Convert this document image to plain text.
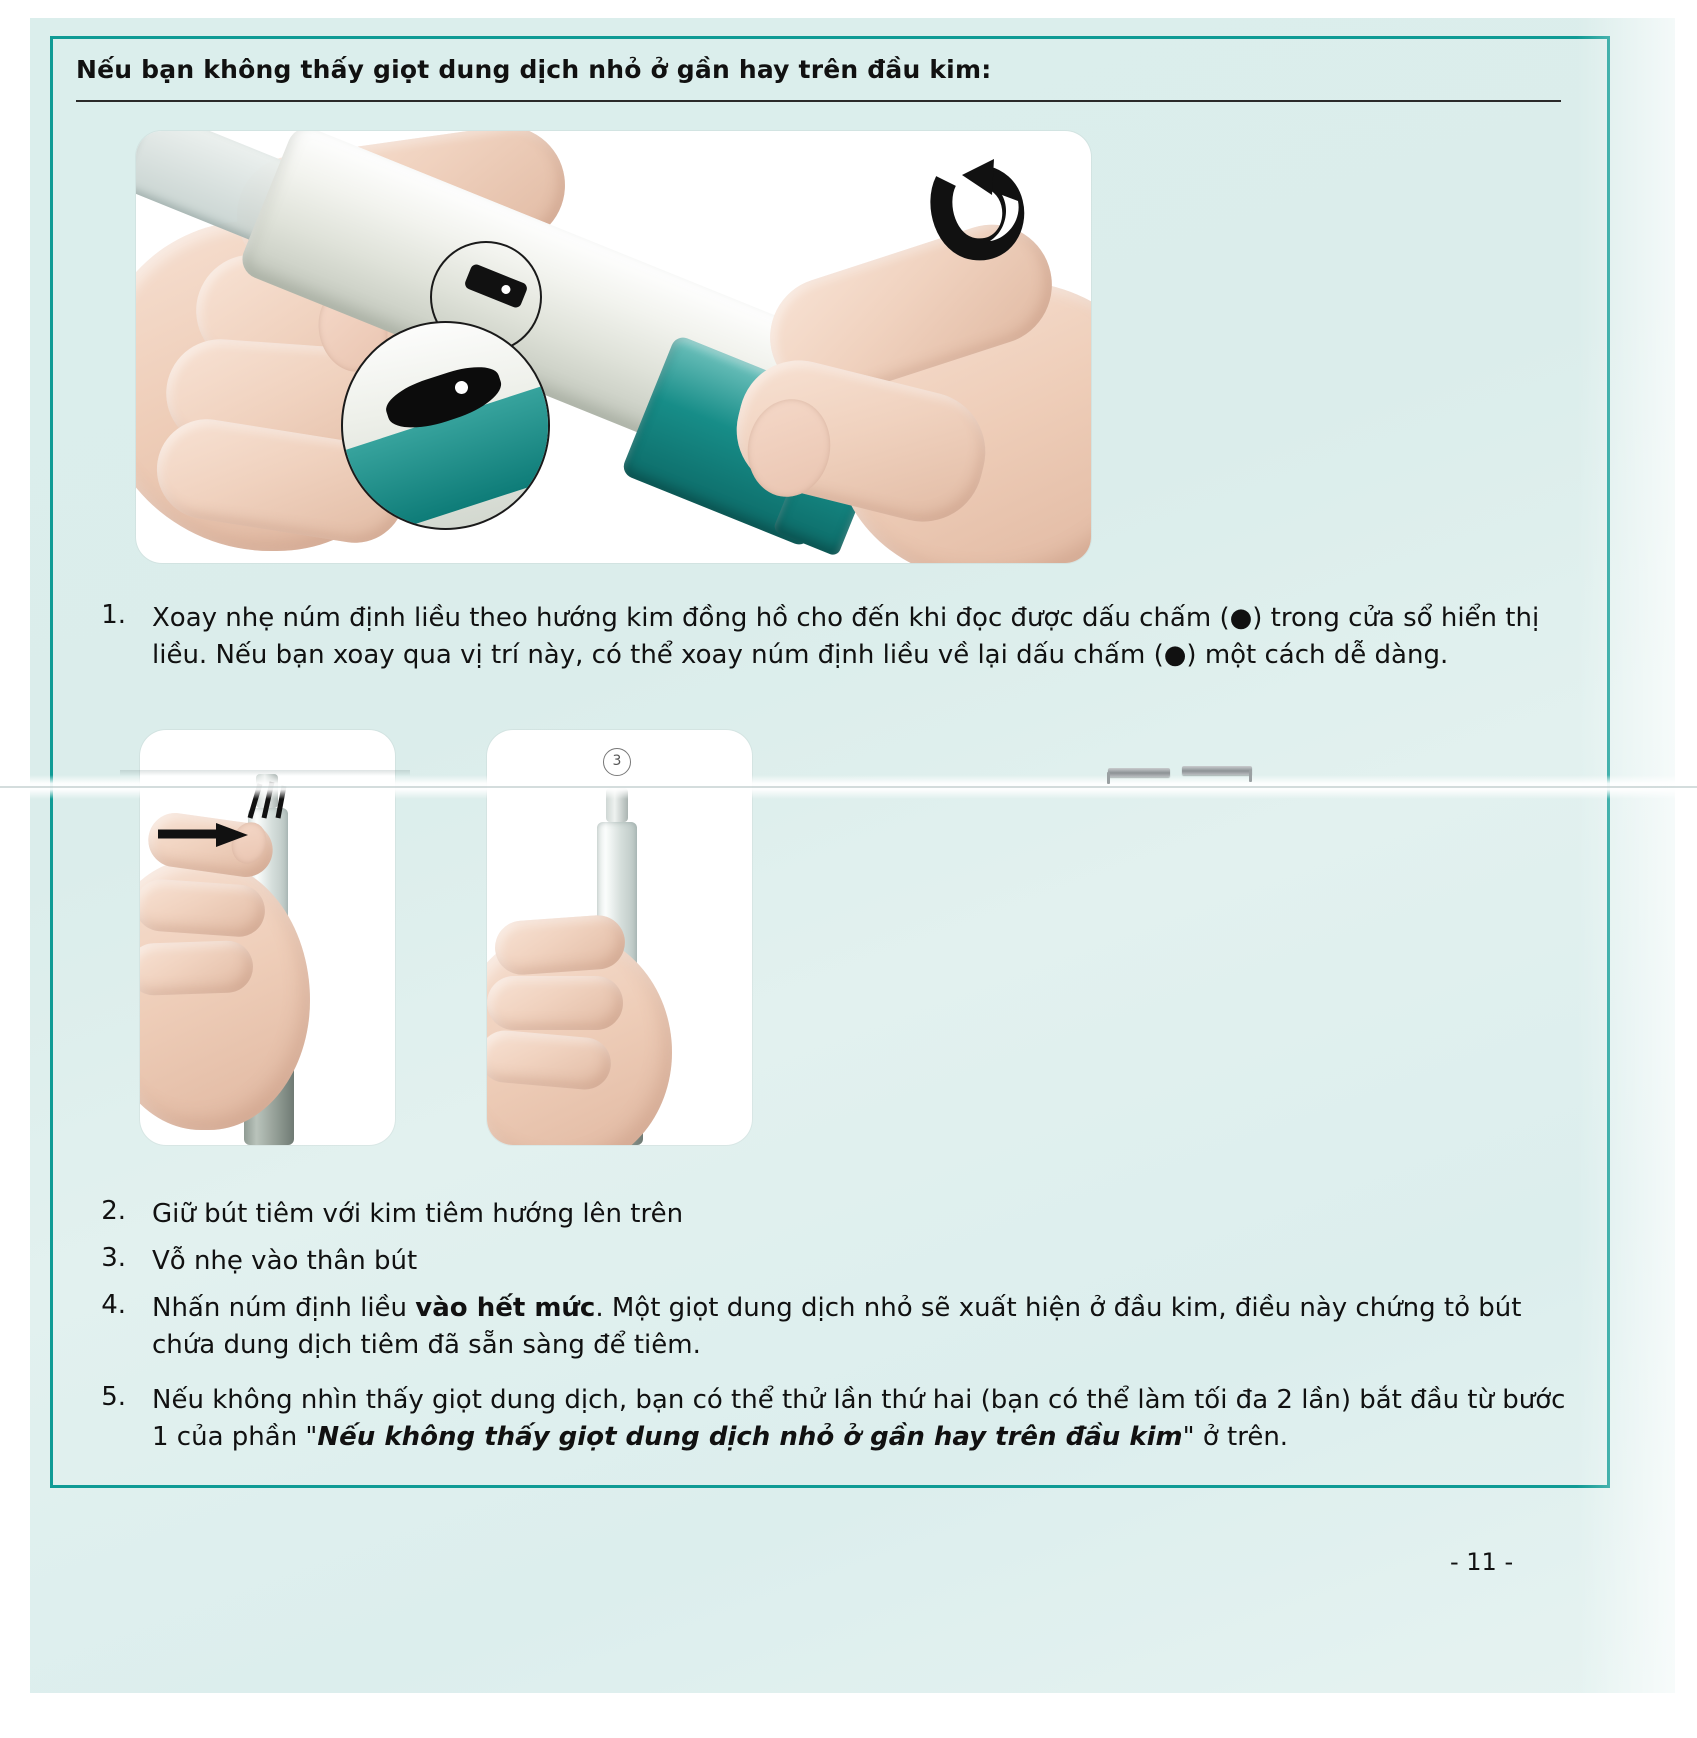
Nếu bạn không thấy giọt dung dịch nhỏ ở gần hay trên đầu kim:
1. Xoay nhẹ núm định liều theo hướng kim đồng hồ cho đến khi đọc được dấu chấm (●) trong cửa sổ hiển thị liều. Nếu bạn xoay qua vị trí này, có thể xoay núm định liều về lại dấu chấm (●) một cách dễ dàng.
3
2. Giữ bút tiêm với kim tiêm hướng lên trên
3. Vỗ nhẹ vào thân bút
4. Nhấn núm định liều vào hết mức. Một giọt dung dịch nhỏ sẽ xuất hiện ở đầu kim, điều này chứng tỏ bút chứa dung dịch tiêm đã sẵn sàng để tiêm.
5. Nếu không nhìn thấy giọt dung dịch, bạn có thể thử lần thứ hai (bạn có thể làm tối đa 2 lần) bắt đầu từ bước 1 của phần "Nếu không thấy giọt dung dịch nhỏ ở gần hay trên đầu kim" ở trên.
- 11 -
